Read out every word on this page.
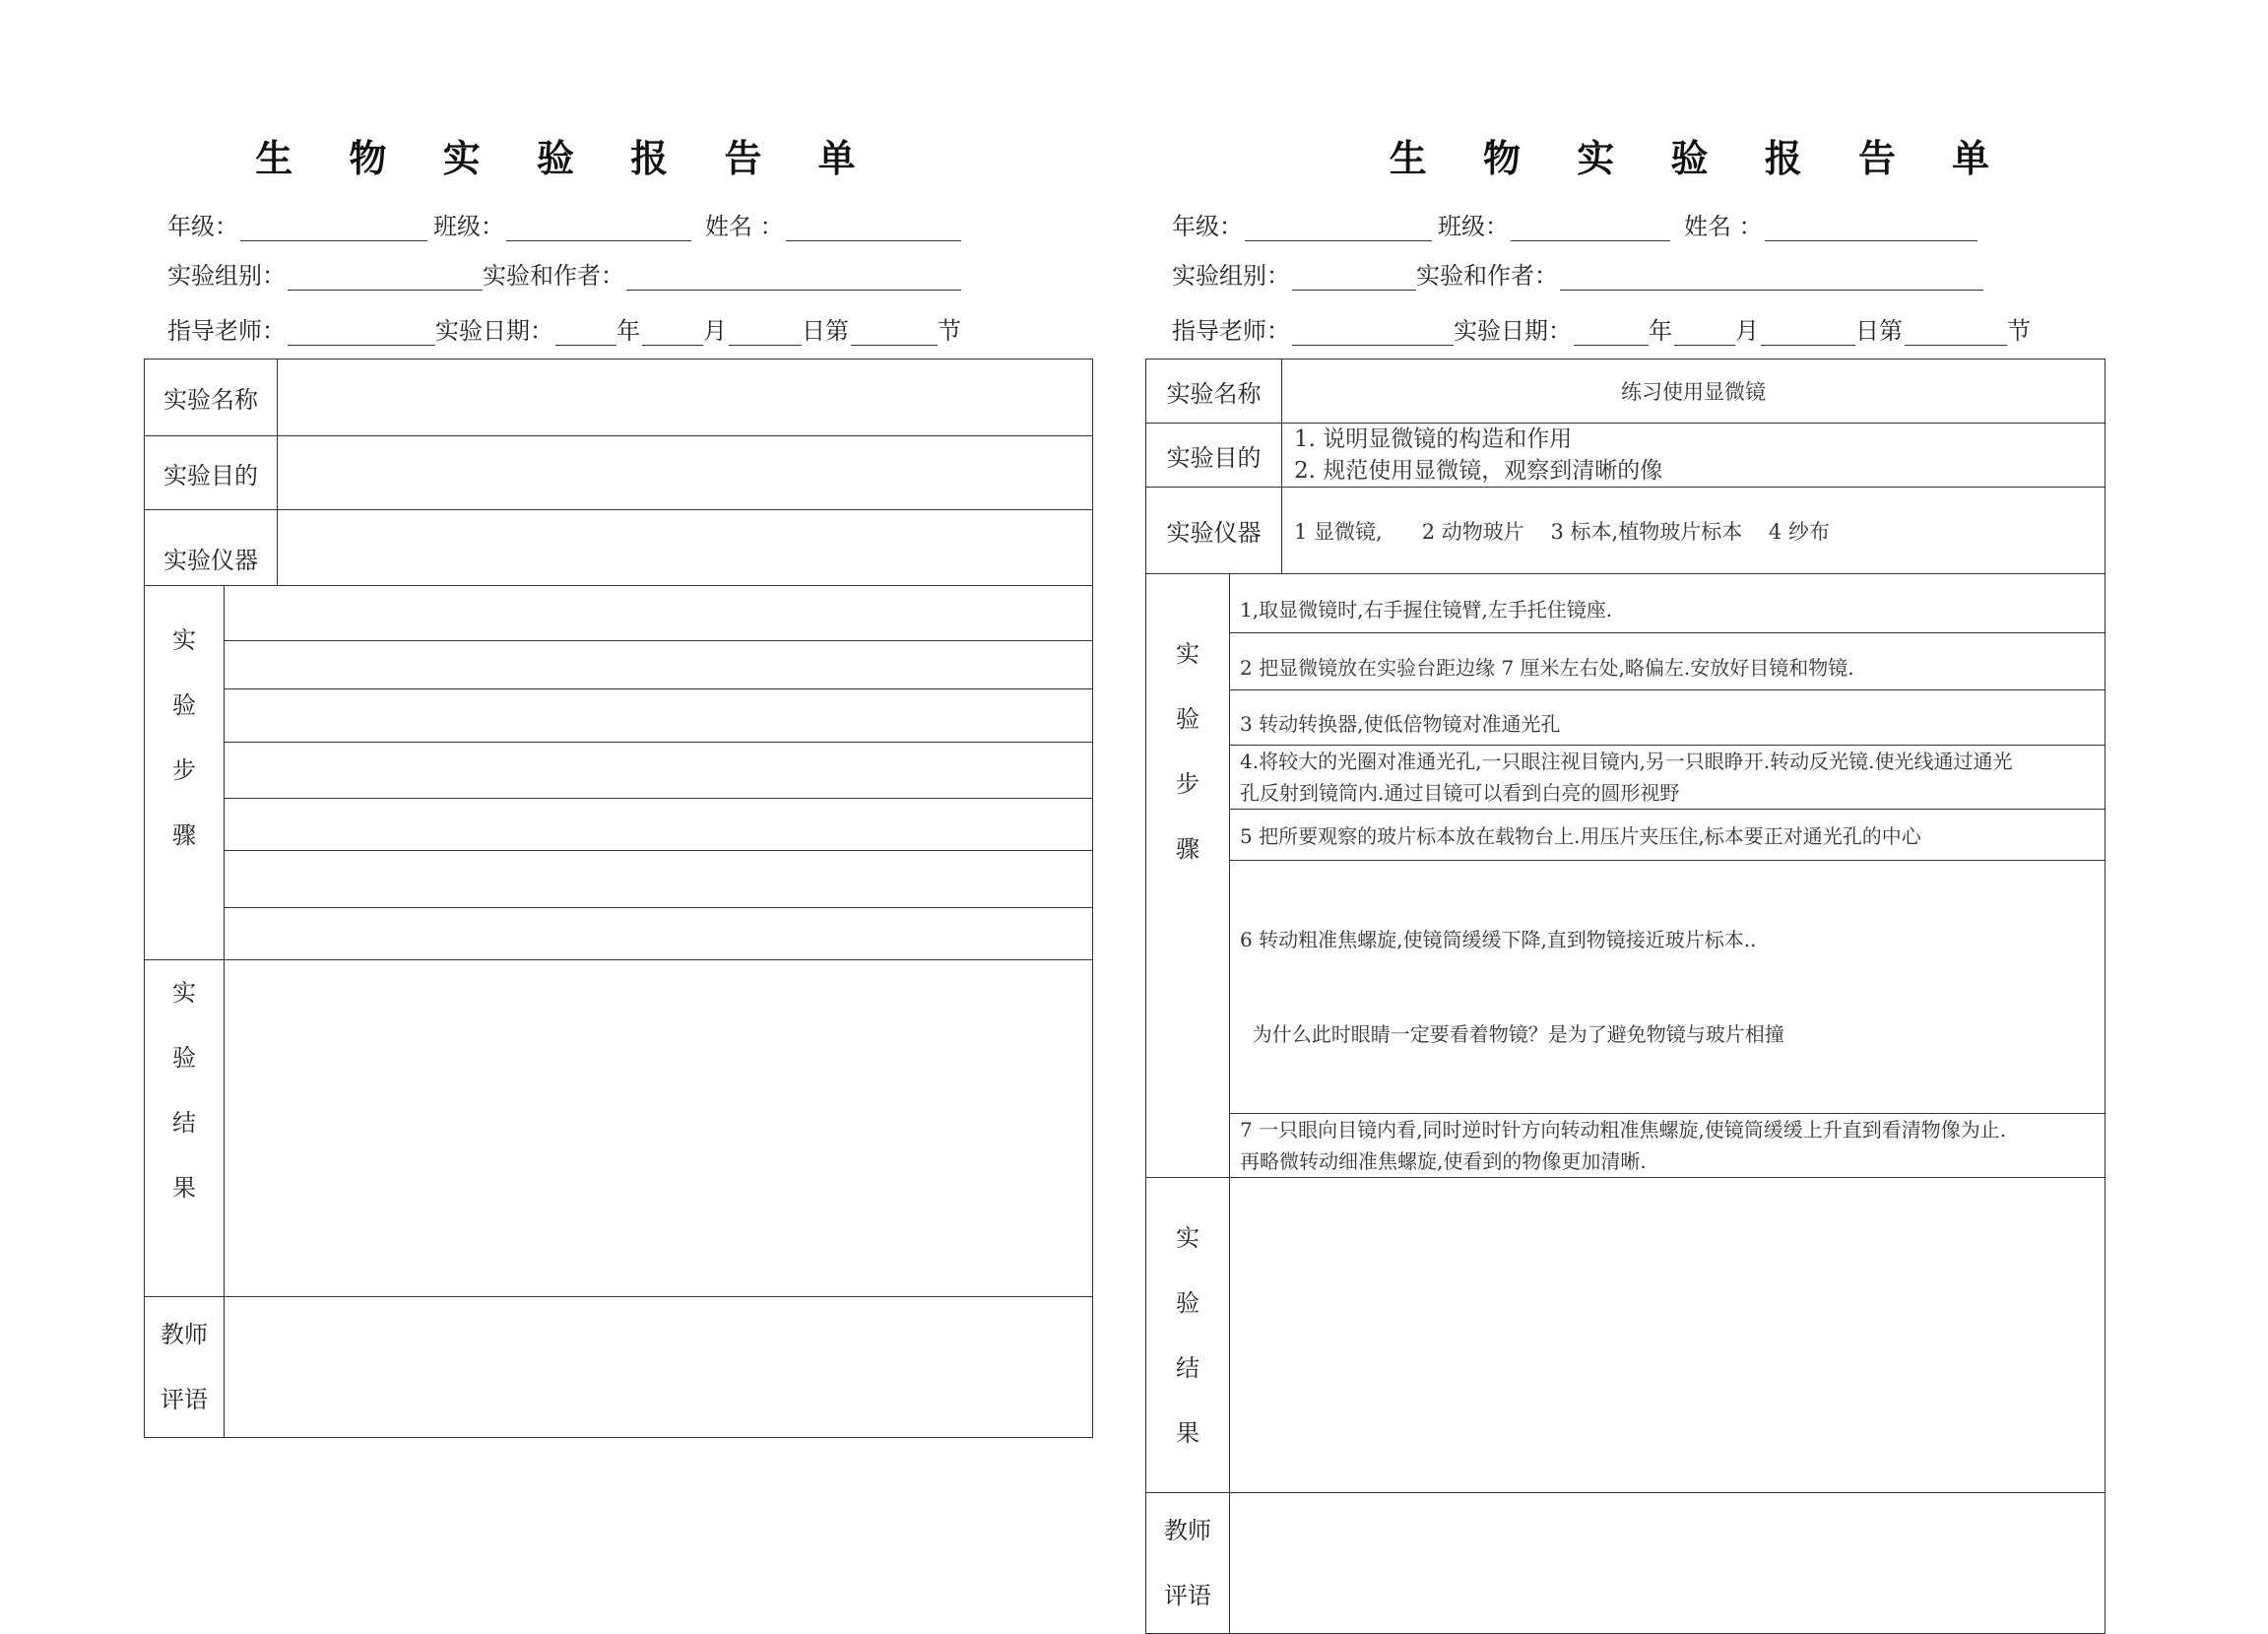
生 物 实 验 报 告 单
年级：	班级：	姓名 ：
实验组别：	实验和作者：
指导老师：	实验日期：	年	月	日第	节
实验名称		
实验目的		
实验仪器		

实
验
步
骤		

实
验
结
果		

教师
评语		

生 物 实 验 报 告 单
年级：	班级：	姓名 ：
实验组别：	实验和作者：
指导老师：	实验日期：	年	月	日第	节
实验名称		练习使用显微镜
实验目的		1. 说明显微镜的构造和作用
2. 规范使用显微镜，观察到清晰的像

实验仪器		1 显微镜,      2 动物玻片    3 标本,植物玻片标本    4 纱布

实
验
步
骤	1,取显微镜时,右手握住镜臂,左手托住镜座.	

	2 把显微镜放在实验台距边缘 7 厘米左右处,略偏左.安放好目镜和物镜.	

	3 转动转换器,使低倍物镜对准通光孔	

	4.将较大的光圈对准通光孔,一只眼注视目镜内,另一只眼睁开.转动反光镜.使光线通过通光
孔反射到镜筒内.通过目镜可以看到白亮的圆形视野	

	5 把所要观察的玻片标本放在载物台上.用压片夹压住,标本要正对通光孔的中心	

	6 转动粗准焦螺旋,使镜筒缓缓下降,直到物镜接近玻片标本..

为什么此时眼睛一定要看着物镜？是为了避免物镜与玻片相撞	

	7 一只眼向目镜内看,同时逆时针方向转动粗准焦螺旋,使镜筒缓缓上升直到看清物像为止.
再略微转动细准焦螺旋,使看到的物像更加清晰.	

实
验
结
果		

教师
评语		
